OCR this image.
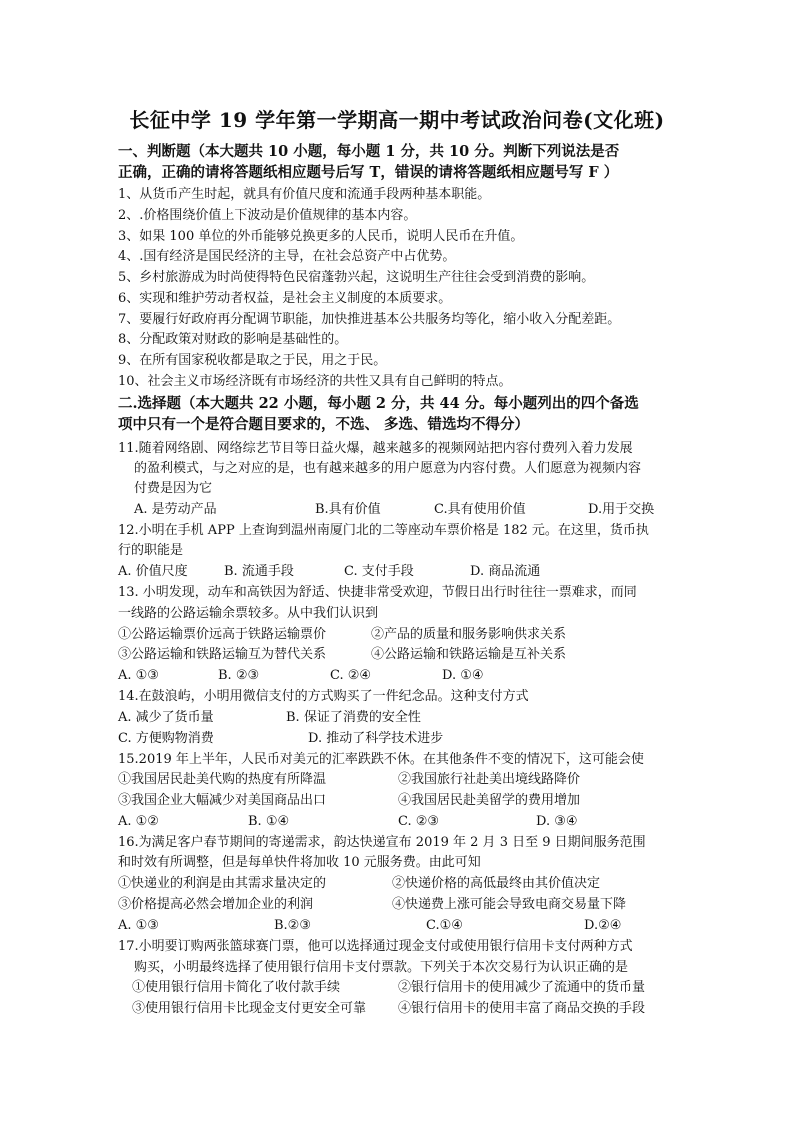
长征中学 19 学年第一学期高一期中考试政治问卷(文化班)
一、判断题（本大题共 10 小题，每小题 1 分，共 10 分。判断下列说法是否
正确，正确的请将答题纸相应题号后写 T，错误的请将答题纸相应题号写 F ）
1、从货币产生时起，就具有价值尺度和流通手段两种基本职能。
2、.价格围绕价值上下波动是价值规律的基本内容。
3、如果 100 单位的外币能够兑换更多的人民币，说明人民币在升值。
4、.国有经济是国民经济的主导，在社会总资产中占优势。
5、乡村旅游成为时尚使得特色民宿蓬勃兴起，这说明生产往往会受到消费的影响。
6、实现和维护劳动者权益，是社会主义制度的本质要求。
7、要履行好政府再分配调节职能，加快推进基本公共服务均等化，缩小收入分配差距。
8、分配政策对财政的影响是基础性的。
9、在所有国家税收都是取之于民，用之于民。
10、社会主义市场经济既有市场经济的共性又具有自己鲜明的特点。
二.选择题（本大题共 22 小题，每小题 2 分，共 44 分。每小题列出的四个备选
项中只有一个是符合题目要求的，不选、 多选、错选均不得分）
11.随着网络剧、网络综艺节目等日益火爆，越来越多的视频网站把内容付费列入着力发展
的盈利模式，与之对应的是，也有越来越多的用户愿意为内容付费。人们愿意为视频内容
付费是因为它
A. 是劳动产品	B.具有价值	C.具有使用价值	D.用于交换
12.小明在手机 APP 上查询到温州南厦门北的二等座动车票价格是 182 元。在这里，货币执
行的职能是
A. 价值尺度	B. 流通手段	C. 支付手段	D. 商品流通
13. 小明发现，动车和高铁因为舒适、快捷非常受欢迎，节假日出行时往往一票难求，而同
一线路的公路运输余票较多。从中我们认识到
①公路运输票价远高于铁路运输票价	②产品的质量和服务影响供求关系
③公路运输和铁路运输互为替代关系	④公路运输和铁路运输是互补关系
A. ①③	B. ②③	C. ②④	D. ①④
14.在鼓浪屿，小明用微信支付的方式购买了一件纪念品。这种支付方式
A. 减少了货币量	B. 保证了消费的安全性
C. 方便购物消费	D. 推动了科学技术进步
15.2019 年上半年，人民币对美元的汇率跌跌不休。在其他条件不变的情况下，这可能会使
①我国居民赴美代购的热度有所降温	②我国旅行社赴美出境线路降价
③我国企业大幅减少对美国商品出口	④我国居民赴美留学的费用增加
A. ①②	B. ①④	C. ②③	D. ③④
16.为满足客户春节期间的寄递需求，韵达快递宣布 2019 年 2 月 3 日至 9 日期间服务范围
和时效有所调整，但是每单快件将加收 10 元服务费。由此可知
①快递业的利润是由其需求量决定的	②快递价格的高低最终由其价值决定
③价格提高必然会增加企业的利润	④快递费上涨可能会导致电商交易量下降
A. ①③	B.②③	C.①④	D.②④
17.小明要订购两张篮球赛门票，他可以选择通过现金支付或使用银行信用卡支付两种方式
购买，小明最终选择了使用银行信用卡支付票款。下列关于本次交易行为认识正确的是
①使用银行信用卡简化了收付款手续	②银行信用卡的使用减少了流通中的货币量
③使用银行信用卡比现金支付更安全可靠 ④银行信用卡的使用丰富了商品交换的手段
